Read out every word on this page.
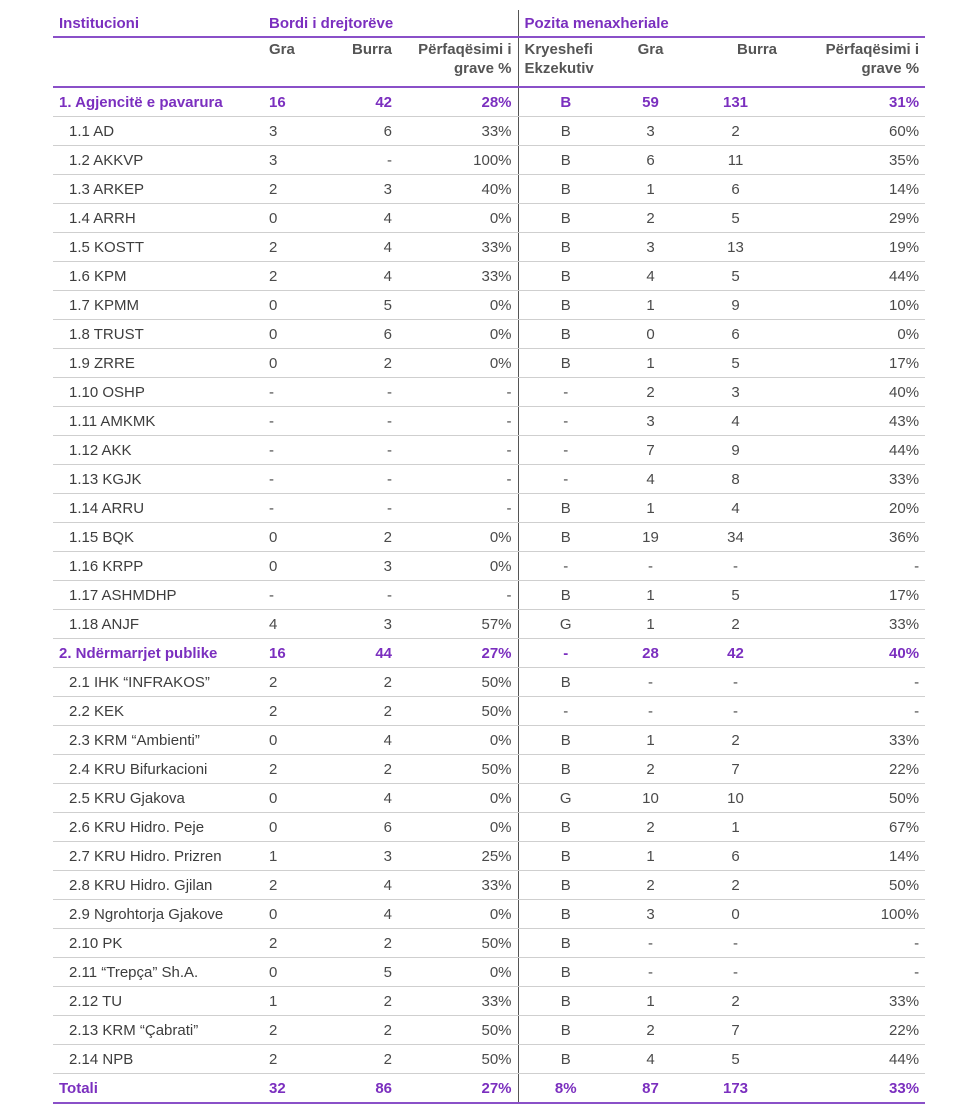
Institucioni	Bordi i drejtorëve			Pozita menaxheriale			
	Gra	Burra	Përfaqësimi i grave %	Kryeshefi Ekzekutiv	Gra	Burra	Përfaqësimi i grave %
1. Agjencitë e pavarura	16	42	28%	B	59	131	31%
1.1 AD	3	6	33%	B	3	2	60%
1.2 AKKVP	3	-	100%	B	6	11	35%
1.3 ARKEP	2	3	40%	B	1	6	14%
1.4 ARRH	0	4	0%	B	2	5	29%
1.5 KOSTT	2	4	33%	B	3	13	19%
1.6 KPM	2	4	33%	B	4	5	44%
1.7 KPMM	0	5	0%	B	1	9	10%
1.8 TRUST	0	6	0%	B	0	6	0%
1.9 ZRRE	0	2	0%	B	1	5	17%
1.10 OSHP	-	-	-	-	2	3	40%
1.11 AMKMK	-	-	-	-	3	4	43%
1.12 AKK	-	-	-	-	7	9	44%
1.13 KGJK	-	-	-	-	4	8	33%
1.14 ARRU	-	-	-	B	1	4	20%
1.15 BQK	0	2	0%	B	19	34	36%
1.16 KRPP	0	3	0%	-	-	-	-
1.17 ASHMDHP	-	-	-	B	1	5	17%
1.18 ANJF	4	3	57%	G	1	2	33%
2. Ndërmarrjet publike	16	44	27%	-	28	42	40%
2.1 IHK “INFRAKOS”	2	2	50%	B	-	-	-
2.2 KEK	2	2	50%	-	-	-	-
2.3 KRM “Ambienti”	0	4	0%	B	1	2	33%
2.4 KRU Bifurkacioni	2	2	50%	B	2	7	22%
2.5 KRU Gjakova	0	4	0%	G	10	10	50%
2.6 KRU Hidro. Peje	0	6	0%	B	2	1	67%
2.7 KRU Hidro. Prizren	1	3	25%	B	1	6	14%
2.8 KRU Hidro. Gjilan	2	4	33%	B	2	2	50%
2.9 Ngrohtorja Gjakove	0	4	0%	B	3	0	100%
2.10 PK	2	2	50%	B	-	-	-
2.11 “Trepça” Sh.A.	0	5	0%	B	-	-	-
2.12 TU	1	2	33%	B	1	2	33%
2.13 KRM “Çabrati”	2	2	50%	B	2	7	22%
2.14 NPB	2	2	50%	B	4	5	44%
Totali	32	86	27%	8%	87	173	33%
